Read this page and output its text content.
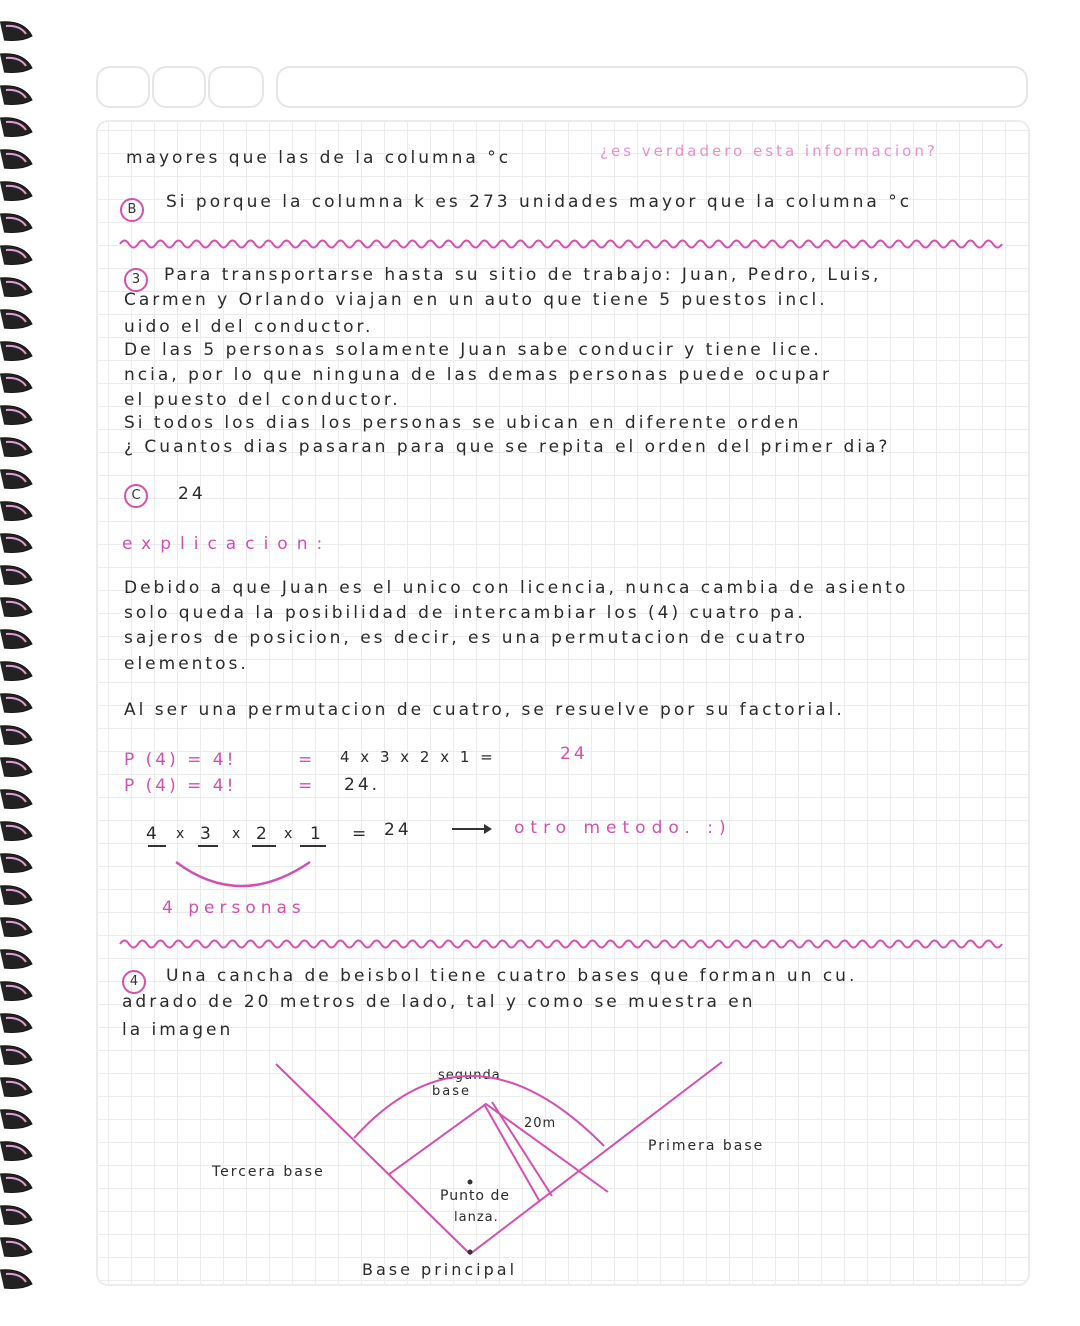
mayores que las de la columna °c	¿es verdadero esta informacion?
B	Si porque la columna k es 273 unidades mayor que la columna °c
3	Para transportarse hasta su sitio de trabajo: Juan, Pedro, Luis,
Carmen y Orlando viajan en un auto que tiene 5 puestos incl.
uido el del conductor.
De las 5 personas solamente Juan sabe conducir y tiene lice.
ncia, por lo que ninguna de las demas personas puede ocupar
el puesto del conductor.
Si todos los dias los personas se ubican en diferente orden
¿ Cuantos dias pasaran para que se repita el orden del primer dia?
C	24
explicacion:
Debido a que Juan es el unico con licencia, nunca cambia de asiento
solo queda la posibilidad de intercambiar los (4) cuatro pa.
sajeros de posicion, es decir, es una permutacion de cuatro
elementos.
Al ser una permutacion de cuatro, se resuelve por su factorial.
P (4) = 4!	= 4 x 3 x 2 x 1 =	24
P (4) = 4!	= 24.
4 x 3 x 2 x 1 = 24	otro metodo. :)
4 personas
4	Una cancha de beisbol tiene cuatro bases que forman un cu.
adrado de 20 metros de lado, tal y como se muestra en
la imagen
segunda
base
20m
Primera base
Tercera base
Punto de
lanza.
Base principal
